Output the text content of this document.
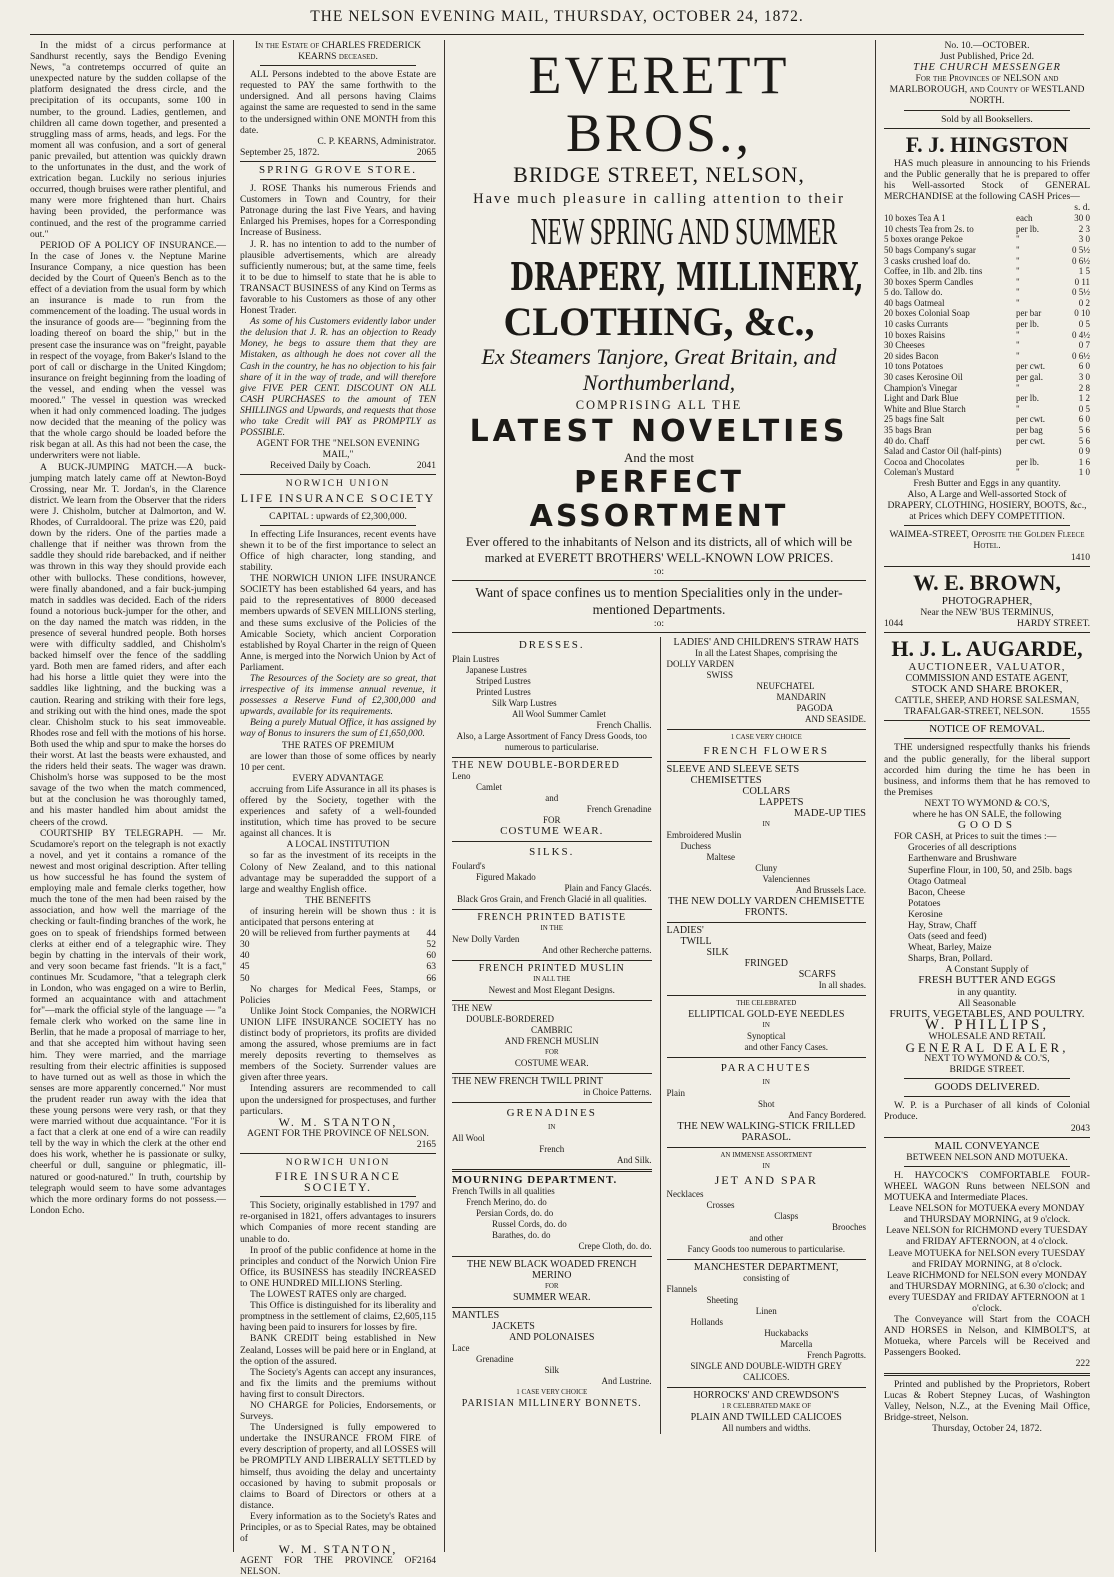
THE NELSON EVENING MAIL, THURSDAY, OCTOBER 24, 1872.

In the midst of a circus performance at Sandhurst recently, says the Bendigo Evening News, "a contretemps occurred of quite an unexpected nature by the sudden collapse of the platform designated the dress circle, and the precipitation of its occupants, some 100 in number, to the ground. Ladies, gentlemen, and children all came down together, and presented a struggling mass of arms, heads, and legs. For the moment all was confusion, and a sort of general panic prevailed, but attention was quickly drawn to the unfortunates in the dust, and the work of extrication began. Luckily no serious injuries occurred, though bruises were rather plentiful, and many were more frightened than hurt. Chairs having been provided, the performance was continued, and the rest of the programme carried out."

PERIOD OF A POLICY OF INSURANCE.— In the case of Jones v. the Neptune Marine Insurance Company, a nice question has been decided by the Court of Queen's Bench as to the effect of a deviation from the usual form by which an insurance is made to run from the commencement of the loading. The usual words in the insurance of goods are— "beginning from the loading thereof on board the ship," but in the present case the insurance was on "freight, payable in respect of the voyage, from Baker's Island to the port of call or discharge in the United Kingdom; insurance on freight beginning from the loading of the vessel, and ending when the vessel was moored." The vessel in question was wrecked when it had only commenced loading. The judges now decided that the meaning of the policy was that the whole cargo should be loaded before the risk began at all. As this had not been the case, the underwriters were not liable.

A BUCK-JUMPING MATCH.—A buck-jumping match lately came off at Newton-Boyd Crossing, near Mr. T. Jordan's, in the Clarence district. We learn from the Observer that the riders were J. Chisholm, butcher at Dalmorton, and W. Rhodes, of Curraldooral. The prize was £20, paid down by the riders. One of the parties made a challenge that if neither was thrown from the saddle they should ride barebacked, and if neither was thrown in this way they should provide each other with bullocks. These conditions, however, were finally abandoned, and a fair buck-jumping match in saddles was decided. Each of the riders found a notorious buck-jumper for the other, and on the day named the match was ridden, in the presence of several hundred people. Both horses were with difficulty saddled, and Chisholm's backed himself over the fence of the saddling yard. Both men are famed riders, and after each had his horse a little quiet they were into the saddles like lightning, and the bucking was a caution. Rearing and striking with their fore legs, and striking out with the hind ones, made the spot clear. Chisholm stuck to his seat immoveable. Rhodes rose and fell with the motions of his horse. Both used the whip and spur to make the horses do their worst. At last the beasts were exhausted, and the riders held their seats. The wager was drawn. Chisholm's horse was supposed to be the most savage of the two when the match commenced, but at the conclusion he was thoroughly tamed, and his master handled him about amidst the cheers of the crowd.

COURTSHIP BY TELEGRAPH. — Mr. Scudamore's report on the telegraph is not exactly a novel, and yet it contains a romance of the newest and most original description. After telling us how successful he has found the system of employing male and female clerks together, how much the tone of the men had been raised by the association, and how well the marriage of the checking or fault-finding branches of the work, he goes on to speak of friendships formed between clerks at either end of a telegraphic wire. They begin by chatting in the intervals of their work, and very soon became fast friends. "It is a fact," continues Mr. Scudamore, "that a telegraph clerk in London, who was engaged on a wire to Berlin, formed an acquaintance with and attachment for"—mark the official style of the language — "a female clerk who worked on the same line in Berlin, that he made a proposal of marriage to her, and that she accepted him without having seen him. They were married, and the marriage resulting from their electric affinities is supposed to have turned out as well as those in which the senses are more apparently concerned." Nor must the prudent reader run away with the idea that these young persons were very rash, or that they were married without due acquaintance. "For it is a fact that a clerk at one end of a wire can readily tell by the way in which the clerk at the other end does his work, whether he is passionate or sulky, cheerful or dull, sanguine or phlegmatic, ill-natured or good-natured." In truth, courtship by telegraph would seem to have some advantages which the more ordinary forms do not possess.—London Echo.

In the Estate of CHARLES FREDERICK KEARNS deceased.

ALL Persons indebted to the above Estate are requested to PAY the same forthwith to the undersigned. And all persons having Claims against the same are requested to send in the same to the undersigned within ONE MONTH from this date.

C. P. KEARNS, Administrator.

September 25, 1872.	2065

SPRING GROVE STORE.

J. ROSE Thanks his numerous Friends and Customers in Town and Country, for their Patronage during the last Five Years, and having Enlarged his Premises, hopes for a Corresponding Increase of Business.

J. R. has no intention to add to the number of plausible advertisements, which are already sufficiently numerous; but, at the same time, feels it to be due to himself to state that he is able to TRANSACT BUSINESS of any Kind on Terms as favorable to his Customers as those of any other Honest Trader.

As some of his Customers evidently labor under the delusion that J. R. has an objection to Ready Money, he begs to assure them that they are Mistaken, as although he does not cover all the Cash in the country, he has no objection to his fair share of it in the way of trade, and will therefore give FIVE PER CENT. DISCOUNT ON ALL CASH PURCHASES to the amount of TEN SHILLINGS and Upwards, and requests that those who take Credit will PAY as PROMPTLY as POSSIBLE.

AGENT FOR THE "NELSON EVENING MAIL,"

Received Daily by Coach.	2041

NORWICH UNION

LIFE INSURANCE SOCIETY

CAPITAL : upwards of £2,300,000.

In effecting Life Insurances, recent events have shewn it to be of the first importance to select an Office of high character, long standing, and stability.

THE NORWICH UNION LIFE INSURANCE SOCIETY has been established 64 years, and has paid to the representatives of 8000 deceased members upwards of SEVEN MILLIONS sterling, and these sums exclusive of the Policies of the Amicable Society, which ancient Corporation established by Royal Charter in the reign of Queen Anne, is merged into the Norwich Union by Act of Parliament.

The Resources of the Society are so great, that irrespective of its immense annual revenue, it possesses a Reserve Fund of £2,300,000 and upwards, available for its requirements.

Being a purely Mutual Office, it has assigned by way of Bonus to insurers the sum of £1,650,000.

THE RATES OF PREMIUM

are lower than those of some offices by nearly 10 per cent.

EVERY ADVANTAGE

accruing from Life Assurance in all its phases is offered by the Society, together with the experiences and safety of a well-founded institution, which time has proved to be secure against all chances. It is

A LOCAL INSTITUTION

so far as the investment of its receipts in the Colony of New Zealand, and to this national advantage may be superadded the support of a large and wealthy English office.

THE BENEFITS

of insuring herein will be shown thus : it is anticipated that persons entering at

20 will be relieved from further payments at 44
30	52
40	60
45	63
50	66

No charges for Medical Fees, Stamps, or Policies

Unlike Joint Stock Companies, the NORWICH UNION LIFE INSURANCE SOCIETY has no distinct body of proprietors, its profits are divided among the assured, whose premiums are in fact merely deposits reverting to themselves as members of the Society. Surrender values are given after three years.

Intending assurers are recommended to call upon the undersigned for prospectuses, and further particulars.

W. M. STANTON,

AGENT FOR THE PROVINCE OF NELSON.

2165

NORWICH UNION

FIRE INSURANCE SOCIETY.

This Society, originally established in 1797 and re-organised in 1821, offers advantages to insurers which Companies of more recent standing are unable to do.

In proof of the public confidence at home in the principles and conduct of the Norwich Union Fire Office, its BUSINESS has steadily INCREASED to ONE HUNDRED MILLIONS Sterling.

The LOWEST RATES only are charged.

This Office is distinguished for its liberality and promptness in the settlement of claims, £2,605,115 having been paid to insurers for losses by fire.

BANK CREDIT being established in New Zealand, Losses will be paid here or in England, at the option of the assured.

The Society's Agents can accept any insurances, and fix the limits and the premiums without having first to consult Directors.

NO CHARGE for Policies, Endorsements, or Surveys.

The Undersigned is fully empowered to undertake the INSURANCE FROM FIRE of every description of property, and all LOSSES will be PROMPTLY AND LIBERALLY SETTLED by himself, thus avoiding the delay and uncertainty occasioned by having to submit proposals or claims to Board of Directors or others at a distance.

Every information as to the Society's Rates and Principles, or as to Special Rates, may be obtained of

W. M. STANTON,

AGENT FOR THE PROVINCE OF NELSON.
2164
EVERETT BROS.,
BRIDGE STREET, NELSON,
Have much pleasure in calling attention to their
NEW SPRING AND SUMMER
DRAPERY, MILLINERY,
CLOTHING, &c.,
Ex Steamers Tanjore, Great Britain, and Northumberland,
COMPRISING ALL THE
LATEST NOVELTIES
And the most
PERFECT ASSORTMENT
Ever offered to the inhabitants of Nelson and its districts, all of which will be marked at EVERETT BROTHERS' WELL-KNOWN LOW PRICES.
:o:
Want of space confines us to mention Specialities only in the under-mentioned Departments.
:o:
DRESSES.
Plain Lustres
Japanese Lustres
Striped Lustres
Printed Lustres
Silk Warp Lustres
All Wool Summer Camlet
French Challis.
Also, a Large Assortment of Fancy Dress Goods, too numerous to particularise.
THE NEW DOUBLE-BORDERED
Leno
Camlet
and
French Grenadine
FOR
COSTUME WEAR.
SILKS.
Foulard's
Figured Makado
Plain and Fancy Glacés.
Black Gros Grain, and French Glacié in all qualities.
FRENCH PRINTED BATISTE
IN THE
New Dolly Varden
And other Recherche patterns.
FRENCH PRINTED MUSLIN
IN ALL THE
Newest and Most Elegant Designs.
THE NEW
DOUBLE-BORDERED
CAMBRIC
AND FRENCH MUSLIN
FOR
COSTUME WEAR.
THE NEW FRENCH TWILL PRINT
in Choice Patterns.
GRENADINES
IN
All Wool
French
And Silk.
MOURNING DEPARTMENT.
French Twills in all qualities
French Merino, do. do
Persian Cords, do. do
Russel Cords, do. do
Barathes, do. do
Crepe Cloth, do. do.
THE NEW BLACK WOADED FRENCH MERINO
FOR
SUMMER WEAR.
MANTLES
JACKETS
AND POLONAISES
Lace
Grenadine
Silk
And Lustrine.
1 CASE VERY CHOICE
PARISIAN MILLINERY BONNETS.
LADIES' AND CHILDREN'S STRAW HATS
In all the Latest Shapes, comprising the
DOLLY VARDEN
SWISS
NEUFCHATEL
MANDARIN
PAGODA
AND SEASIDE.
1 CASE VERY CHOICE
FRENCH FLOWERS
SLEEVE AND SLEEVE SETS
CHEMISETTES
COLLARS
LAPPETS
MADE-UP TIES
IN
Embroidered Muslin
Duchess
Maltese
Cluny
Valenciennes
And Brussels Lace.
THE NEW DOLLY VARDEN CHEMISETTE FRONTS.
LADIES'
TWILL
SILK
FRINGED
SCARFS
In all shades.
THE CELEBRATED
ELLIPTICAL GOLD-EYE NEEDLES
IN
Synoptical
and other Fancy Cases.
PARACHUTES
IN
Plain
Shot
And Fancy Bordered.
THE NEW WALKING-STICK FRILLED PARASOL.
AN IMMENSE ASSORTMENT
IN
JET AND SPAR
Necklaces
Crosses
Clasps
Brooches
and other
Fancy Goods too numerous to particularise.
MANCHESTER DEPARTMENT,
consisting of
Flannels
Sheeting
Linen
Hollands
Huckabacks
Marcella
French Pagrotts.
SINGLE AND DOUBLE-WIDTH GREY CALICOES.
HORROCKS' AND CREWDSON'S
1 R CELEBRATED MAKE OF
PLAIN AND TWILLED CALICOES
All numbers and widths.

No. 10.—OCTOBER.

Just Published, Price 2d.

THE CHURCH MESSENGER

For the Provinces of NELSON and MARLBOROUGH, and County of WESTLAND NORTH.

Sold by all Booksellers.

F. J. HINGSTON

HAS much pleasure in announcing to his Friends and the Public generally that he is prepared to offer his Well-assorted Stock of GENERAL MERCHANDISE at the following CASH Prices—

s. d.

10 boxes Tea A 1	each	30 0
10 chests Tea from 2s. to	per lb.	2 3
5 boxes orange Pekoe	"	3 0
50 bags Company's sugar	"	0 5½
3 casks crushed loaf do.	"	0 6½
Coffee, in 1lb. and 2lb. tins	"	1 5
30 boxes Sperm Candles	"	0 11
5 do. Tallow do.	"	0 5½
40 bags Oatmeal	"	0 2
20 boxes Colonial Soap	per bar	0 10
10 casks Currants	per lb.	0 5
10 boxes Raisins	"	0 4½
30 Cheeses	"	0 7
20 sides Bacon	"	0 6½
10 tons Potatoes	per cwt.	6 0
30 cases Kerosine Oil	per gal.	3 0
Champion's Vinegar	"	2 8
Light and Dark Blue	per lb.	1 2
White and Blue Starch	"	0 5
25 bags fine Salt	per cwt.	6 0
35 bags Bran	per bag	5 6
40 do. Chaff	per cwt.	5 6
Salad and Castor Oil (half-pints)	0 9
Cocoa and Chocolates	per lb.	1 6
Coleman's Mustard	"	1 0

Fresh Butter and Eggs in any quantity.

Also, A Large and Well-assorted Stock of DRAPERY, CLOTHING, HOSIERY, BOOTS, &c., at Prices which DEFY COMPETITION.

WAIMEA-STREET, Opposite the Golden Fleece Hotel.

1410

W. E. BROWN,

PHOTOGRAPHER,

Near the NEW 'BUS TERMINUS,

1044	HARDY STREET.

H. J. L. AUGARDE,

AUCTIONEER, VALUATOR,

COMMISSION AND ESTATE AGENT,

STOCK AND SHARE BROKER,

CATTLE, SHEEP, AND HORSE SALESMAN,

TRAFALGAR-STREET, NELSON.	1555

NOTICE OF REMOVAL.

THE undersigned respectfully thanks his friends and the public generally, for the liberal support accorded him during the time he has been in business, and informs them that he has removed to the Premises

NEXT TO WYMOND & CO.'S,

where he has ON SALE, the following

GOODS

FOR CASH, at Prices to suit the times :—

Groceries of all descriptions
Earthenware and Brushware
Superfine Flour, in 100, 50, and 25lb. bags
Otago Oatmeal
Bacon, Cheese
Potatoes
Kerosine
Hay, Straw, Chaff
Oats (seed and feed)
Wheat, Barley, Maize
Sharps, Bran, Pollard.

A Constant Supply of

FRESH BUTTER AND EGGS

in any quantity.

All Seasonable

FRUITS, VEGETABLES, AND POULTRY.

W. PHILLIPS,

WHOLESALE AND RETAIL

GENERAL DEALER,

NEXT TO WYMOND & CO.'S,

BRIDGE STREET.

GOODS DELIVERED.

W. P. is a Purchaser of all kinds of Colonial Produce.

2043

MAIL CONVEYANCE

BETWEEN NELSON AND MOTUEKA.

H. HAYCOCK'S COMFORTABLE FOUR-WHEEL WAGON Runs between NELSON and MOTUEKA and Intermediate Places.

Leave NELSON for MOTUEKA every MONDAY and THURSDAY MORNING, at 9 o'clock.

Leave NELSON for RICHMOND every TUESDAY and FRIDAY AFTERNOON, at 4 o'clock.

Leave MOTUEKA for NELSON every TUESDAY and FRIDAY MORNING, at 8 o'clock.

Leave RICHMOND for NELSON every MONDAY and THURSDAY MORNING, at 6.30 o'clock; and every TUESDAY and FRIDAY AFTERNOON at 1 o'clock.

The Conveyance will Start from the COACH AND HORSES in Nelson, and KIMBOLT'S, at Motueka, where Parcels will be Received and Passengers Booked.

222

Printed and published by the Proprietors, Robert Lucas & Robert Stepney Lucas, of Washington Valley, Nelson, N.Z., at the Evening Mail Office, Bridge-street, Nelson.

Thursday, October 24, 1872.
